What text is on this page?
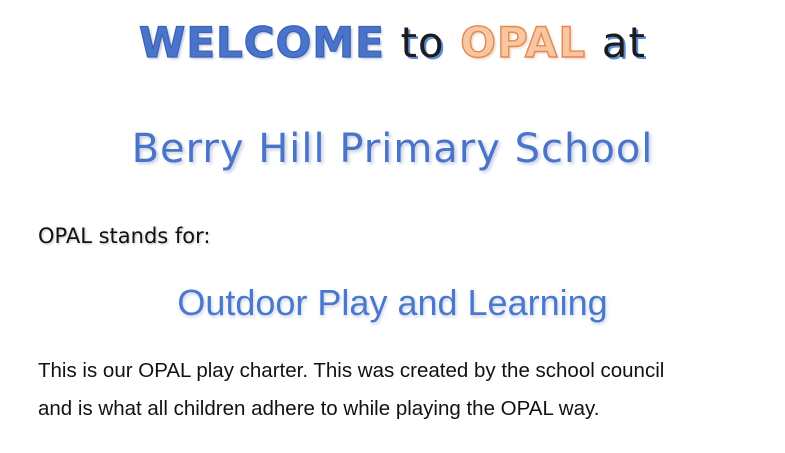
WELCOME to OPAL at
Berry Hill Primary School
OPAL stands for:
Outdoor Play and Learning
This is our OPAL play charter. This was created by the school council
and is what all children adhere to while playing the OPAL way.
